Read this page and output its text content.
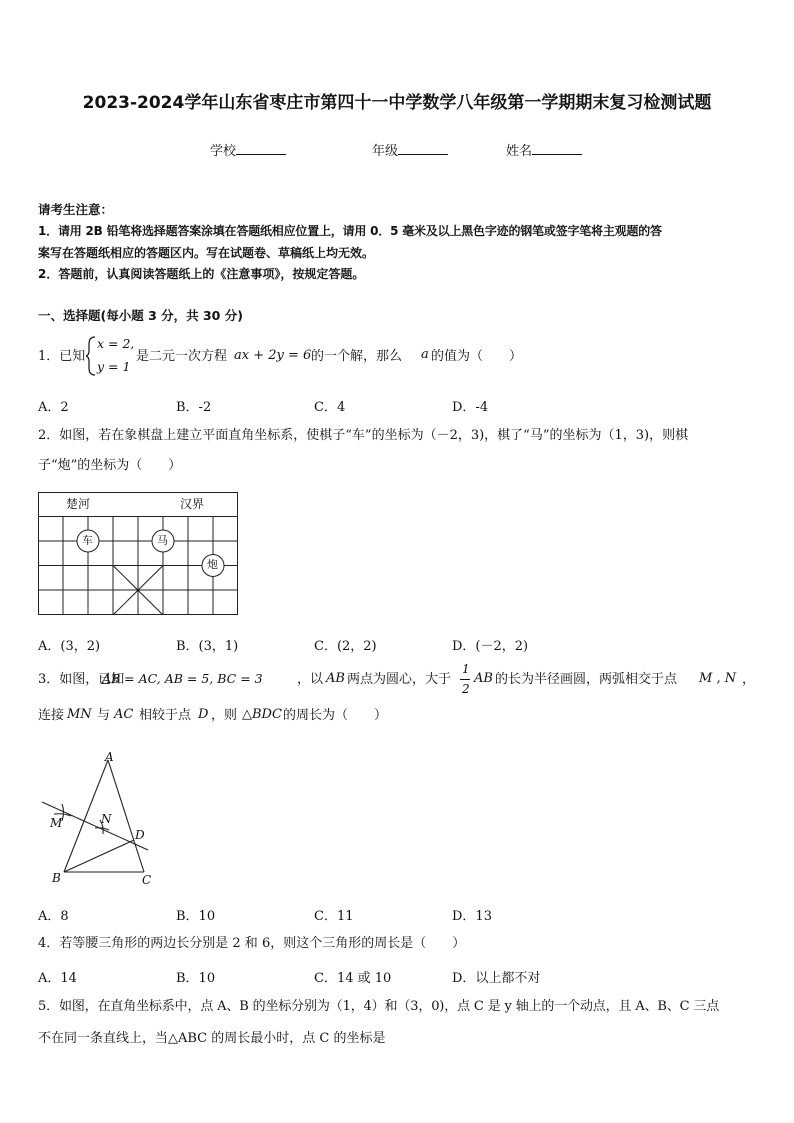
2023-2024学年山东省枣庄市第四十一中学数学八年级第一学期期末复习检测试题
学校	年级	姓名
请考生注意：
1．请用 2B 铅笔将选择题答案涂填在答题纸相应位置上，请用 0．5 毫米及以上黑色字迹的钢笔或签字笔将主观题的答
案写在答题纸相应的答题区内。写在试题卷、草稿纸上均无效。
2．答题前，认真阅读答题纸上的《注意事项》，按规定答题。
一、选择题(每小题 3 分，共 30 分)
1．已知
x = 2,
y = 1
是二元一次方程 ax + 2y = 6 的一个解，那么 a 的值为（　　）
A．2	B．-2	C．4	D．-4
2．如图，若在象棋盘上建立平面直角坐标系，使棋子“车”的坐标为（－2，3)，棋了“马”的坐标为（1，3)，则棋
子“炮”的坐标为（　　）
楚河	汉界
车	马
炮
A．(3，2)	B．(3，1)	C．(2，2)	D．(－2，2)
3．如图，已知
AB = AC, AB = 5, BC = 3	，以 AB 两点为圆心，大于
1
2
AB 的长为半径画圆，两弧相交于点 M , N ，
连接 MN 与 AC 相较于点 D ，则 △BDC 的周长为（　　）
A
B	C
D
M	N
A．8	B．10	C．11	D．13
4．若等腰三角形的两边长分别是 2 和 6，则这个三角形的周长是（　　）
A．14	B．10	C．14 或 10	D．以上都不对
5．如图，在直角坐标系中，点 A、B 的坐标分别为（1，4）和（3，0)，点 C 是 y 轴上的一个动点，且 A、B、C 三点
不在同一条直线上，当△ABC 的周长最小时，点 C 的坐标是
